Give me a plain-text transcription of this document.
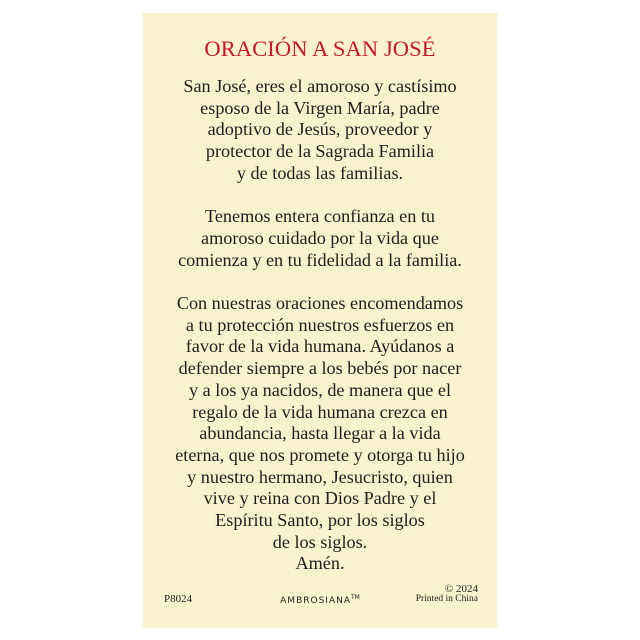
ORACIÓN A SAN JOSÉ

San José, eres el amoroso y castísimo
esposo de la Virgen María, padre
adoptivo de Jesús, proveedor y
protector de la Sagrada Familia
y de todas las familias.

Tenemos entera confianza en tu
amoroso cuidado por la vida que
comienza y en tu fidelidad a la familia.

Con nuestras oraciones encomendamos
a tu protección nuestros esfuerzos en
favor de la vida humana. Ayúdanos a
defender siempre a los bebés por nacer
y a los ya nacidos, de manera que el
regalo de la vida humana crezca en
abundancia, hasta llegar a la vida
eterna, que nos promete y otorga tu hijo
y nuestro hermano, Jesucristo, quien
vive y reina con Dios Padre y el
Espíritu Santo, por los siglos
de los siglos.
Amén.

P8024	AMBROSIANA™
© 2024
Printed in China
